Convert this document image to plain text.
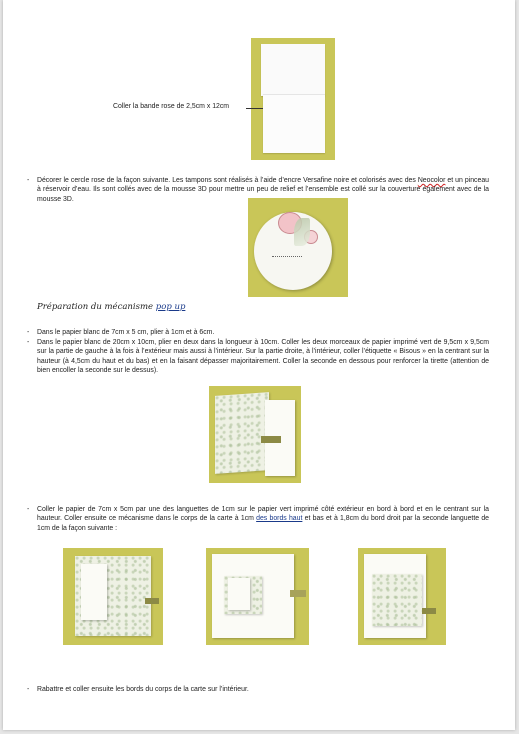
Coller la bande rose de 2,5cm x 12cm
- Décorer le cercle rose de la façon suivante. Les tampons sont réalisés à l’aide d’encre Versafine noire et colorisés avec des Neocolor et un pinceau à réservoir d’eau. Ils sont collés avec de la mousse 3D pour mettre un peu de relief et l’ensemble est collé sur la couverture également avec de la mousse 3D.
Préparation du mécanisme pop up
- Dans le papier blanc de 7cm x 5 cm, plier à 1cm et à 6cm.
- Dans le papier blanc de 20cm x 10cm, plier en deux dans la longueur à 10cm. Coller les deux morceaux de papier imprimé vert de 9,5cm x 9,5cm sur la partie de gauche à la fois à l’extérieur mais aussi à l’intérieur. Sur la partie droite, à l’intérieur, coller l’étiquette « Bisous » en la centrant sur la hauteur (à 4,5cm du haut et du bas) et en la faisant dépasser majoritairement. Coller la seconde en dessous pour renforcer la tirette (attention de bien encoller la seconde sur le dessus).
- Coller le papier de 7cm x 5cm par une des languettes de 1cm sur le papier vert imprimé côté extérieur en bord à bord et en le centrant sur la hauteur. Coller ensuite ce mécanisme dans le corps de la carte à 1cm des bords haut et bas et à 1,8cm du bord droit par la seconde languette de 1cm de la façon suivante :
- Rabattre et coller ensuite les bords du corps de la carte sur l’intérieur.
